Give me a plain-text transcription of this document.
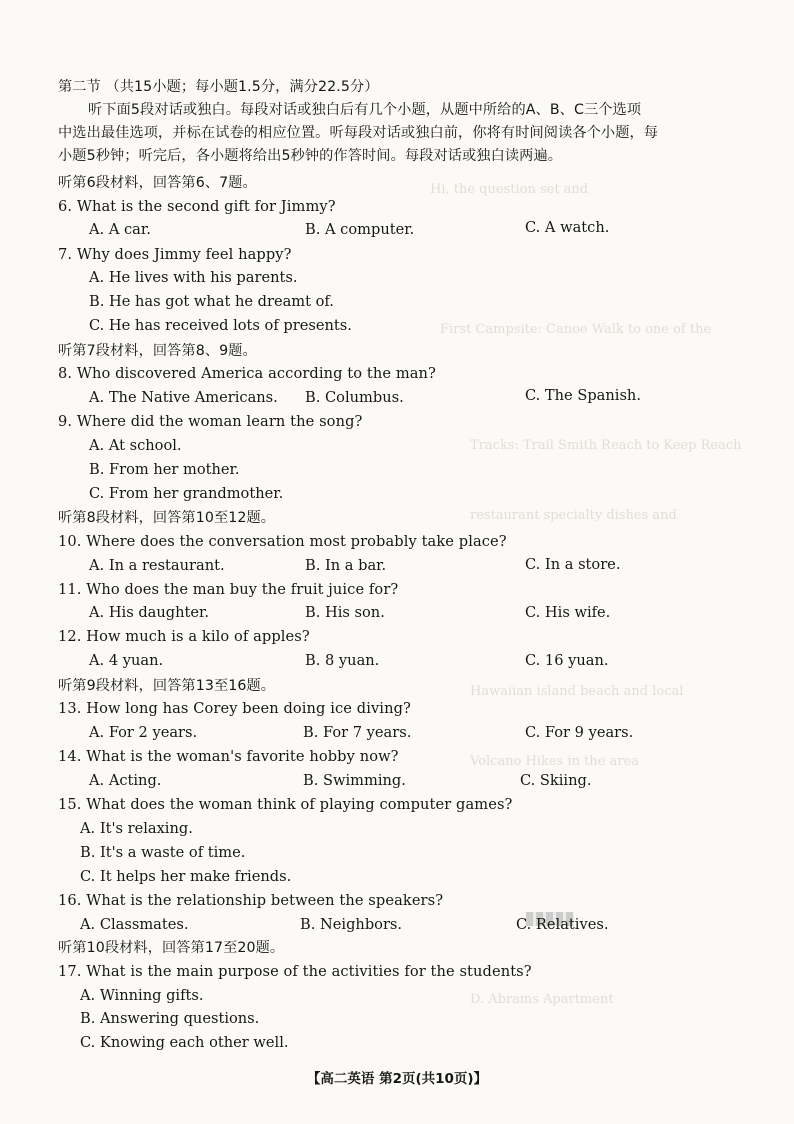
Hi, the question set and
First Campsite: Canoe Walk to one of the
Tracks: Trail Smith Reach to Keep Reach
restaurant specialty dishes and
Hawaiian island beach and local
Volcano Hikes in the area
D. Abrams Apartment
第二节 （共15小题；每小题1.5分，满分22.5分）
听下面5段对话或独白。每段对话或独白后有几个小题，从题中所给的A、B、C三个选项
中选出最佳选项，并标在试卷的相应位置。听每段对话或独白前，你将有时间阅读各个小题，每
小题5秒钟；听完后，各小题将给出5秒钟的作答时间。每段对话或独白读两遍。
听第6段材料，回答第6、7题。
6. What is the second gift for Jimmy?
A. A car.	B. A computer.	C. A watch.
7. Why does Jimmy feel happy?
A. He lives with his parents.
B. He has got what he dreamt of.
C. He has received lots of presents.
听第7段材料，回答第8、9题。
8. Who discovered America according to the man?
A. The Native Americans. B. Columbus.	C. The Spanish.
9. Where did the woman learn the song?
A. At school.
B. From her mother.
C. From her grandmother.
听第8段材料，回答第10至12题。
10. Where does the conversation most probably take place?
A. In a restaurant.	B. In a bar.	C. In a store.
11. Who does the man buy the fruit juice for?
A. His daughter.	B. His son.	C. His wife.
12. How much is a kilo of apples?
A. 4 yuan.	B. 8 yuan.	C. 16 yuan.
听第9段材料，回答第13至16题。
13. How long has Corey been doing ice diving?
A. For 2 years.	B. For 7 years.	C. For 9 years.
14. What is the woman's favorite hobby now?
A. Acting.	B. Swimming.	C. Skiing.
15. What does the woman think of playing computer games?
A. It's relaxing.
B. It's a waste of time.
C. It helps her make friends.
16. What is the relationship between the speakers?
A. Classmates.	B. Neighbors.	C. Relatives.
听第10段材料，回答第17至20题。
17. What is the main purpose of the activities for the students?
A. Winning gifts.
B. Answering questions.
C. Knowing each other well.
【高二英语 第2页(共10页)】
